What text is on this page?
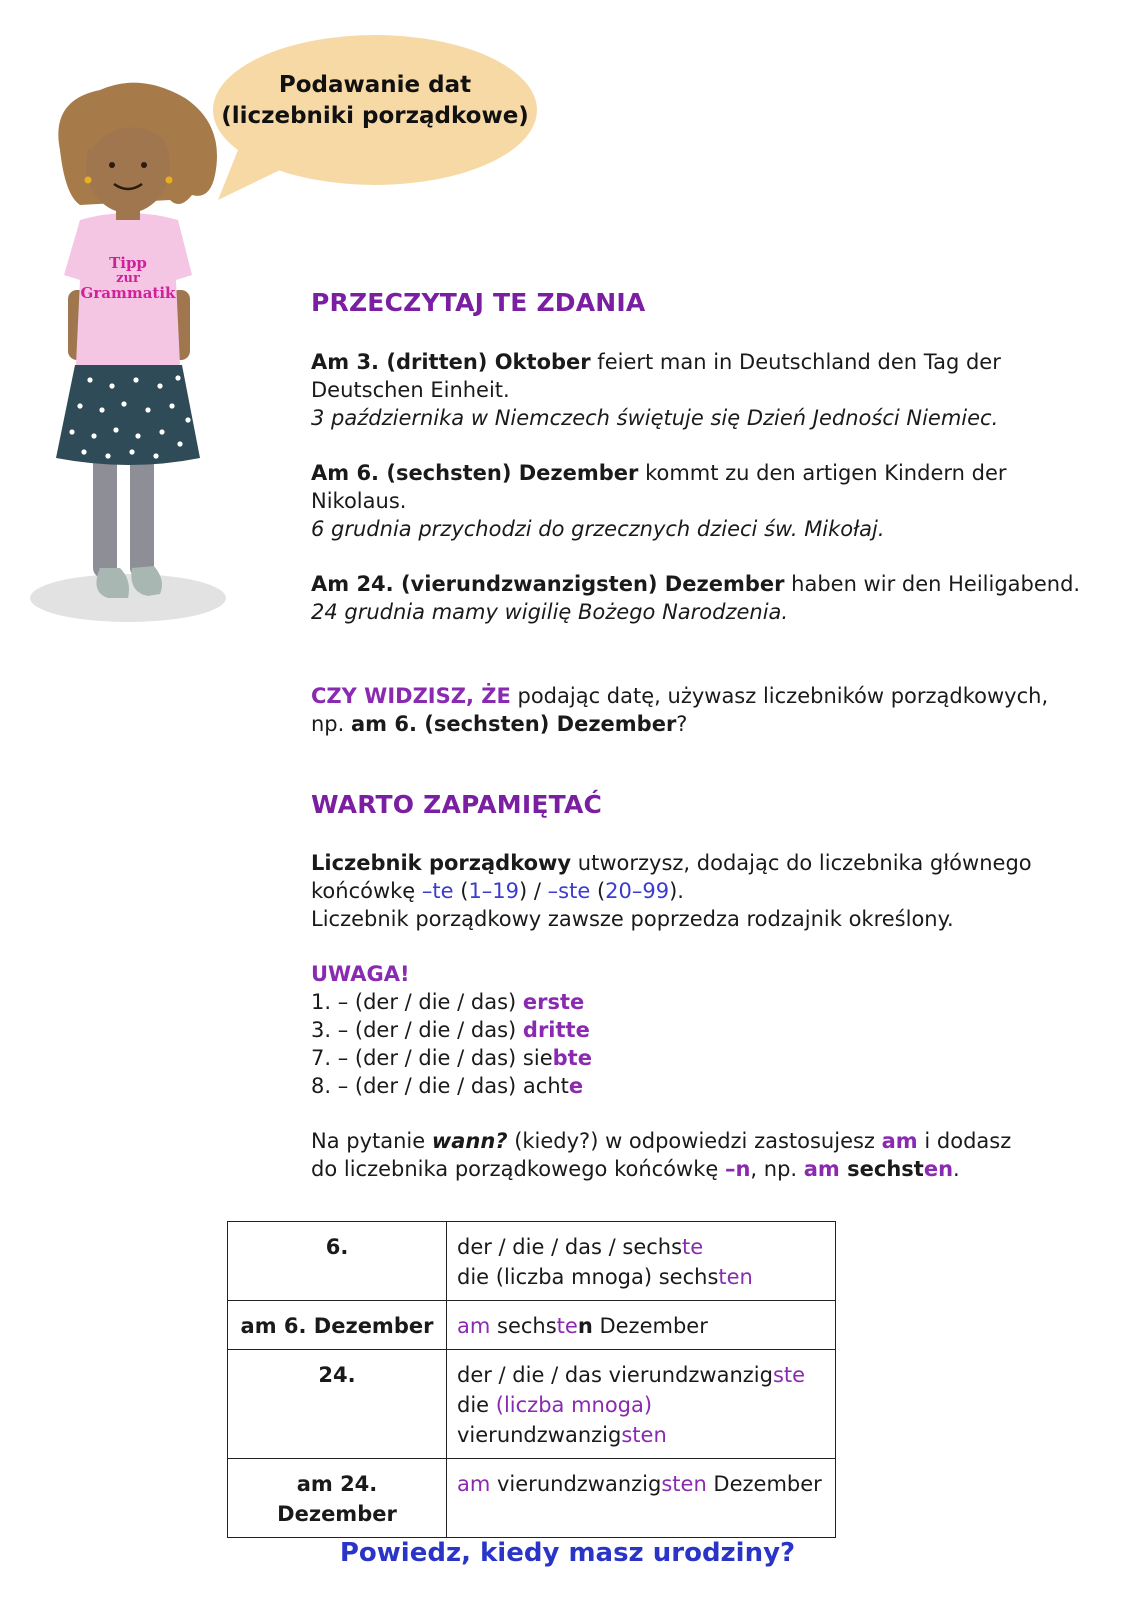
Podawanie dat
(liczebniki porządkowe)
Tipp
zur
Grammatik	PRZECZYTAJ TE ZDANIA
Am 3. (dritten) Oktober feiert man in Deutschland den Tag der
Deutschen Einheit.
3 października w Niemczech świętuje się Dzień Jedności Niemiec.
Am 6. (sechsten) Dezember kommt zu den artigen Kindern der
Nikolaus.
6 grudnia przychodzi do grzecznych dzieci św. Mikołaj.
Am 24. (vierundzwanzigsten) Dezember haben wir den Heiligabend.
24 grudnia mamy wigilię Bożego Narodzenia.
CZY WIDZISZ, ŻE podając datę, używasz liczebników porządkowych,
np. am 6. (sechsten) Dezember?
WARTO ZAPAMIĘTAĆ
Liczebnik porządkowy utworzysz, dodając do liczebnika głównego
końcówkę –te (1–19) / –ste (20–99).
Liczebnik porządkowy zawsze poprzedza rodzajnik określony.
UWAGA!
1. – (der / die / das) erste
3. – (der / die / das) dritte
7. – (der / die / das) siebte
8. – (der / die / das) achte
Na pytanie wann? (kiedy?) w odpowiedzi zastosujesz am i dodasz
do liczebnika porządkowego końcówkę –n, np. am sechsten.
6.	der / die / das / sechste
die (liczba mnoga) sechsten

am 6. Dezember	am sechsten Dezember
24.	der / die / das vierundzwanzigste
die (liczba mnoga)
vierundzwanzigsten

am 24. Dezember	am vierundzwanzigsten Dezember
Powiedz, kiedy masz urodziny?
